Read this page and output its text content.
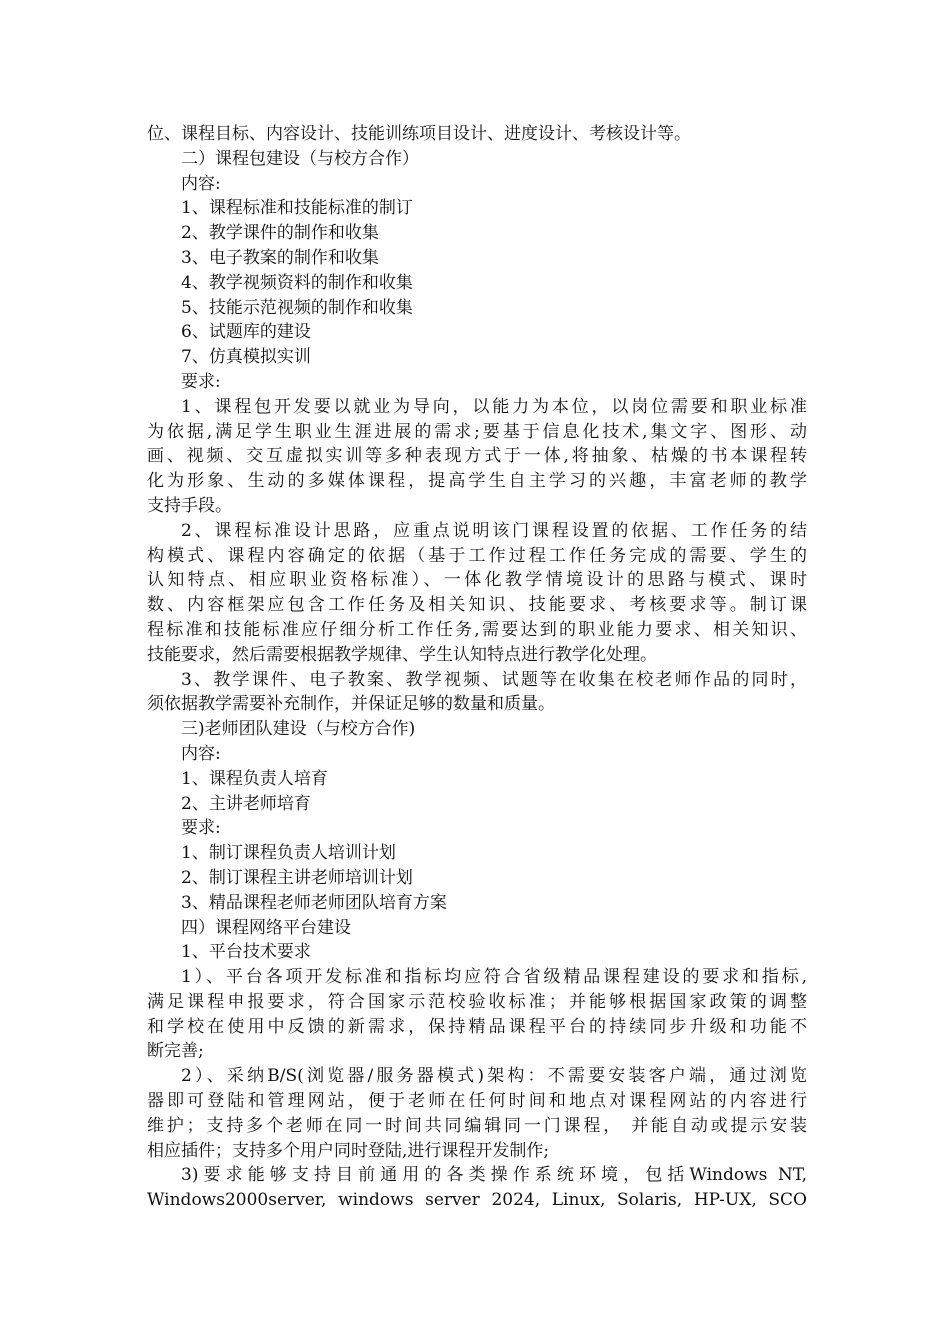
位、课程目标、内容设计、技能训练项目设计、进度设计、考核设计等。
二）课程包建设（与校方合作）
内容:
1、课程标准和技能标准的制订
2、教学课件的制作和收集
3、电子教案的制作和收集
4、教学视频资料的制作和收集
5、技能示范视频的制作和收集
6、试题库的建设
7、仿真模拟实训
要求:
1、课程包开发要以就业为导向，以能力为本位，以岗位需要和职业标准
为依据,满足学生职业生涯进展的需求;要基于信息化技术,集文字、图形、动
画、视频、交互虚拟实训等多种表现方式于一体,将抽象、枯燥的书本课程转
化为形象、生动的多媒体课程，提高学生自主学习的兴趣，丰富老师的教学
支持手段。
2、课程标准设计思路，应重点说明该门课程设置的依据、工作任务的结
构模式、课程内容确定的依据（基于工作过程工作任务完成的需要、学生的
认知特点、相应职业资格标准）、一体化教学情境设计的思路与模式、课时
数、内容框架应包含工作任务及相关知识、技能要求、考核要求等。制订课
程标准和技能标准应仔细分析工作任务,需要达到的职业能力要求、相关知识、
技能要求，然后需要根据教学规律、学生认知特点进行教学化处理。
3、教学课件、电子教案、教学视频、试题等在收集在校老师作品的同时，
须依据教学需要补充制作，并保证足够的数量和质量。
三)老师团队建设（与校方合作)
内容:
1、课程负责人培育
2、主讲老师培育
要求:
1、制订课程负责人培训计划
2、制订课程主讲老师培训计划
3、精品课程老师老师团队培育方案
四）课程网络平台建设
1、平台技术要求
1）、平台各项开发标准和指标均应符合省级精品课程建设的要求和指标,
满足课程申报要求，符合国家示范校验收标准；并能够根据国家政策的调整
和学校在使用中反馈的新需求，保持精品课程平台的持续同步升级和功能不
断完善;
2）、采纳B/S(浏览器/服务器模式)架构：不需要安装客户端，通过浏览
器即可登陆和管理网站，便于老师在任何时间和地点对课程网站的内容进行
维护；支持多个老师在同一时间共同编辑同一门课程， 并能自动或提示安装
相应插件；支持多个用户同时登陆,进行课程开发制作;
3)要求能够支持目前通用的各类操作系统环境，包括Windows NT,
Windows2000server, windows server 2024, Linux, Solaris, HP-UX, SCO
